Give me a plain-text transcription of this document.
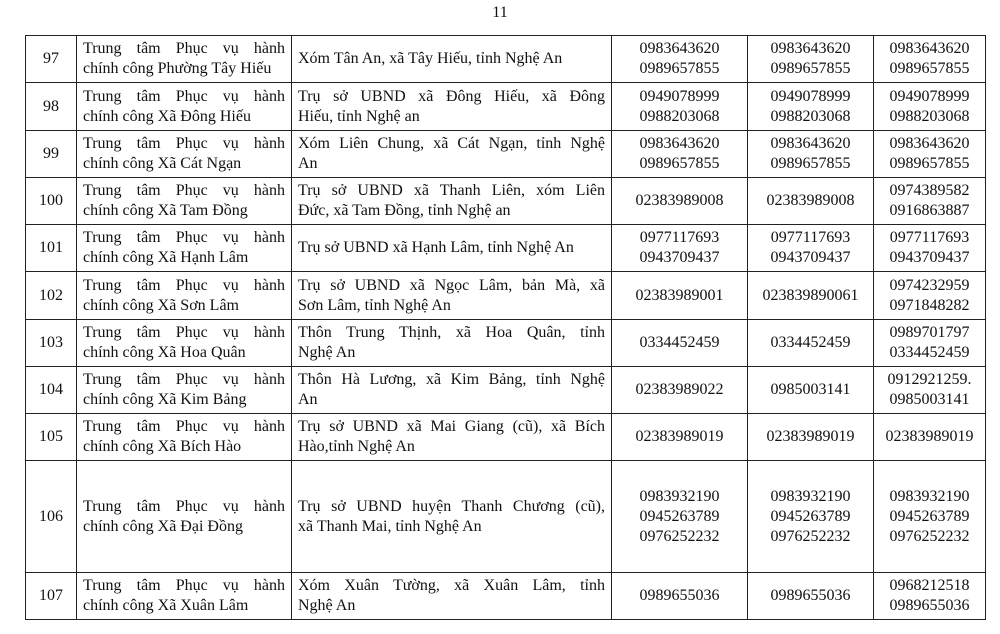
11
97	Trung tâm Phục vụ hành
chính công Phường Tây Hiếu	Xóm Tân An, xã Tây Hiếu, tỉnh Nghệ An	0983643620
0989657855	0983643620
0989657855	0983643620
0989657855

98	Trung tâm Phục vụ hành
chính công Xã Đông Hiếu	Trụ sở UBND xã Đông Hiếu, xã Đông
Hiếu, tỉnh Nghệ an	0949078999
0988203068	0949078999
0988203068	0949078999
0988203068

99	Trung tâm Phục vụ hành
chính công Xã Cát Ngạn	Xóm Liên Chung, xã Cát Ngạn, tỉnh Nghệ
An	0983643620
0989657855	0983643620
0989657855	0983643620
0989657855

100	Trung tâm Phục vụ hành
chính công Xã Tam Đồng	Trụ sở UBND xã Thanh Liên, xóm Liên
Đức, xã Tam Đồng, tỉnh Nghệ an	02383989008	02383989008	0974389582
0916863887

101	Trung tâm Phục vụ hành
chính công Xã Hạnh Lâm	Trụ sở UBND xã Hạnh Lâm, tỉnh Nghệ An	0977117693
0943709437	0977117693
0943709437	0977117693
0943709437

102	Trung tâm Phục vụ hành
chính công Xã Sơn Lâm	Trụ sở UBND xã Ngọc Lâm, bản Mà, xã
Sơn Lâm, tỉnh Nghệ An	02383989001	023839890061	0974232959
0971848282

103	Trung tâm Phục vụ hành
chính công Xã Hoa Quân	Thôn Trung Thịnh, xã Hoa Quân, tỉnh
Nghệ An	0334452459	0334452459	0989701797
0334452459

104	Trung tâm Phục vụ hành
chính công Xã Kim Bảng	Thôn Hà Lương, xã Kim Bảng, tỉnh Nghệ
An	02383989022	0985003141	0912921259.
0985003141

105	Trung tâm Phục vụ hành
chính công Xã Bích Hào	Trụ sở UBND xã Mai Giang (cũ), xã Bích
Hào,tỉnh Nghệ An	02383989019	02383989019	02383989019

106	Trung tâm Phục vụ hành
chính công Xã Đại Đồng	Trụ sở UBND huyện Thanh Chương (cũ),
xã Thanh Mai, tỉnh Nghệ An	0983932190
0945263789
0976252232	0983932190
0945263789
0976252232	0983932190
0945263789
0976252232

107	Trung tâm Phục vụ hành
chính công Xã Xuân Lâm	Xóm Xuân Tường, xã Xuân Lâm, tỉnh
Nghệ An	0989655036	0989655036	0968212518
0989655036
